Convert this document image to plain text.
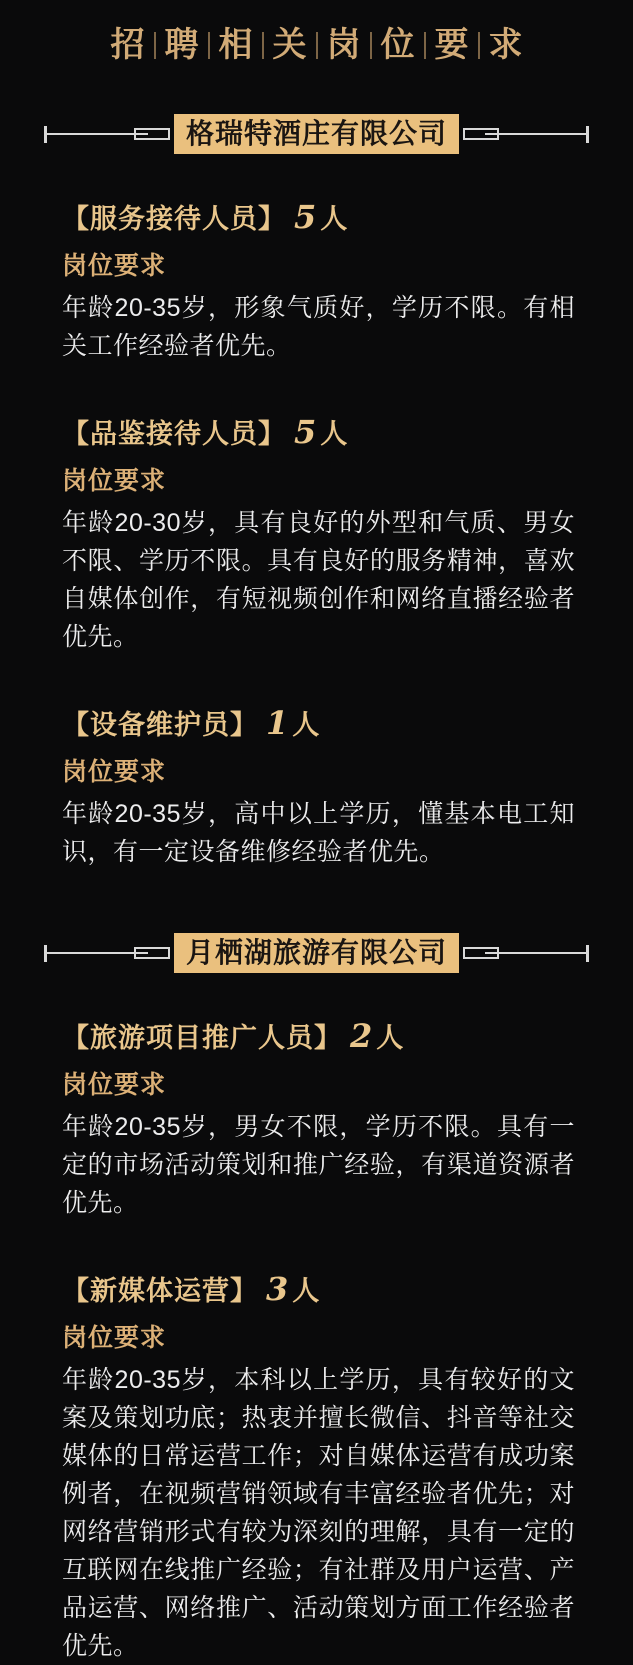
招 聘 相 关 岗 位 要 求
格瑞特酒庄有限公司
【服务接待人员】 5 人
岗位要求

年龄20-35岁，形象气质好，学历不限。有相关工作经验者优先。

【品鉴接待人员】 5 人
岗位要求

年龄20-30岁，具有良好的外型和气质、男女不限、学历不限。具有良好的服务精神，喜欢自媒体创作，有短视频创作和网络直播经验者优先。

【设备维护员】 1 人
岗位要求

年龄20-35岁，高中以上学历，懂基本电工知识，有一定设备维修经验者优先。

月栖湖旅游有限公司
【旅游项目推广人员】 2 人
岗位要求

年龄20-35岁，男女不限，学历不限。具有一定的市场活动策划和推广经验，有渠道资源者优先。

【新媒体运营】 3 人
岗位要求

年龄20-35岁，本科以上学历，具有较好的文案及策划功底；热衷并擅长微信、抖音等社交媒体的日常运营工作；对自媒体运营有成功案例者，在视频营销领域有丰富经验者优先；对网络营销形式有较为深刻的理解，具有一定的互联网在线推广经验；有社群及用户运营、产品运营、网络推广、活动策划方面工作经验者优先。
